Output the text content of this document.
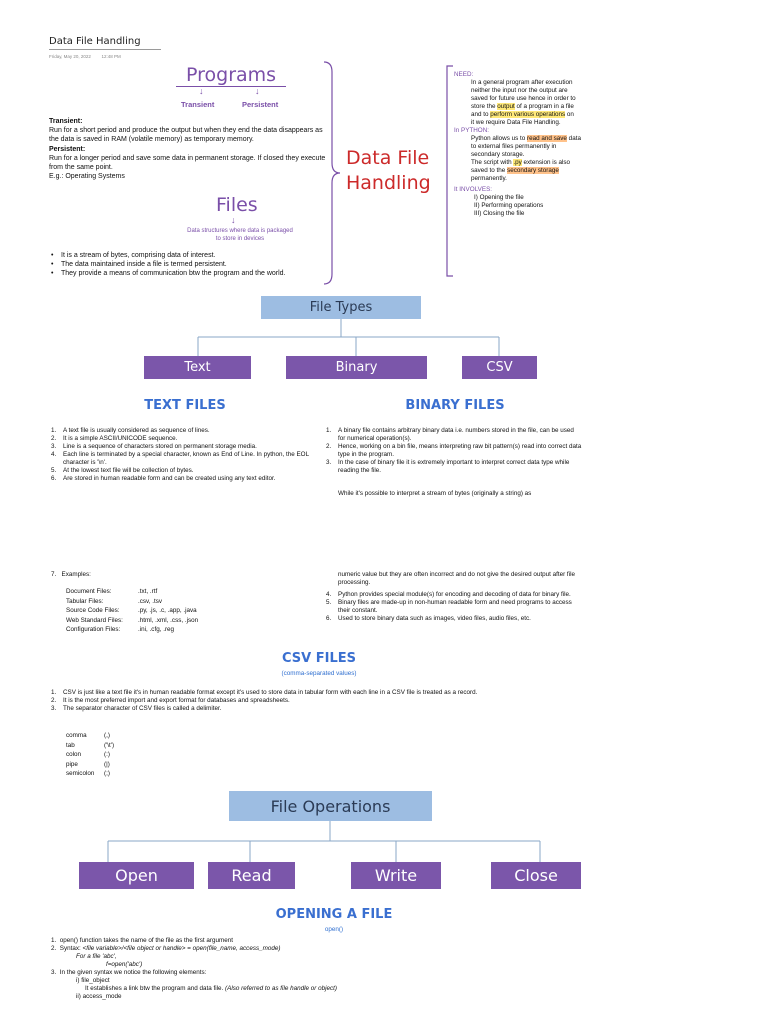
Data File Handling
Friday, May 20, 2022 12:48 PM
Programs
↓	↓
Transient	Persistent
Transient:
Run for a short period and produce the output but when they end the data disappears as the data is saved in RAM (volatile memory) as temporary memory.
Persistent:
Run for a longer period and save some data in permanent storage. If closed they execute from the same point.
E.g.: Operating Systems
Files
↓
Data structures where data is packaged
to store in devices
• It is a stream of bytes, comprising data of interest.
• The data maintained inside a file is termed persistent.
• They provide a means of communication btw the program and the world.
Data File
Handling
NEED:
In a general program after execution
neither the input nor the output are
saved for future use hence in order to
store the output of a program in a file
and to perform various operations on
it we require Data File Handling.
In PYTHON:
Python allows us to read and save data
to external files permanently in
secondary storage.
The script with .py extension is also
saved to the secondary storage
permanently.
It INVOLVES:
I) Opening the file
II) Performing operations
III) Closing the file
File Types
Text	Binary	CSV
TEXT FILES
1. A text file is usually considered as sequence of lines.
2. It is a simple ASCII/UNICODE sequence.
3. Line is a sequence of characters stored on permanent storage media.
4. Each line is terminated by a special character, known as End of Line. In python, the EOL character is '\n'.
5. At the lowest text file will be collection of bytes.
6. Are stored in human readable form and can be created using any text editor.
7.   Examples:
Document Files:	.txt, .rtf
Tabular Files:	.csv, .tsv
Source Code Files:	.py, .js, .c, .app, .java
Web Standard Files:	.html, .xml, .css, .json
Configuration Files:	.ini, .cfg, .reg
BINARY FILES
1. A binary file contains arbitrary binary data i.e. numbers stored in the file, can be used for numerical operation(s).
2. Hence, working on a bin file, means interpreting raw bit pattern(s) read into correct data type in the program.
3. In the case of binary file it is extremely important to interpret correct data type while reading the file.
While it's possible to interpret a stream of bytes (originally a string) as
numeric value but they are often incorrect and do not give the desired output after file processing.
4. Python provides special module(s) for encoding and decoding of data for binary file.
5. Binary files are made-up in non-human readable form and need programs to access their constant.
6. Used to store binary data such as images, video files, audio files, etc.
CSV FILES
(comma-separated values)
1. CSV is just like a text file it's in human readable format except it's used to store data in tabular form with each line in a CSV file is treated as a record.
2. It is the most preferred import and export format for databases and spreadsheets.
3. The separator character of CSV files is called a delimiter.
comma	(,)
tab	('\t')
colon	(:)
pipe	(|)
semicolon	(;)
File Operations
Open	Read	Write	Close
OPENING A FILE
open()
1.  open() function takes the name of the file as the first argument
2.  Syntax: <file variable>/<file object or handle> = open(file_name, access_mode)
For a file 'abc',
f=open('abc')
3.  In the given syntax we notice the following elements:
i) file_object
It establishes a link btw the program and data file. (Also referred to as file handle or object)
ii) access_mode
